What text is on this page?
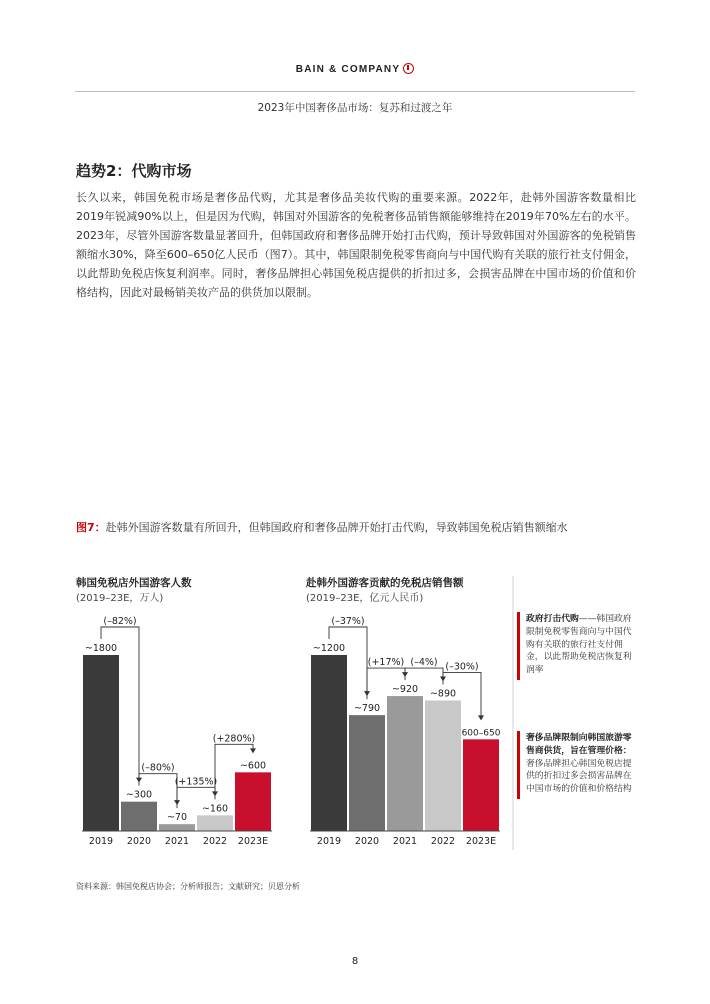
BAIN & COMPANY
2023年中国奢侈品市场：复苏和过渡之年
趋势2：代购市场
长久以来，韩国免税市场是奢侈品代购，尤其是奢侈品美妆代购的重要来源。2022年，赴韩外国游客数量相比2019年锐减90%以上，但是因为代购，韩国对外国游客的免税奢侈品销售额能够维持在2019年70%左右的水平。2023年，尽管外国游客数量显著回升，但韩国政府和奢侈品牌开始打击代购，预计导致韩国对外国游客的免税销售额缩水30%，降至600–650亿人民币（图7）。其中，韩国限制免税零售商向与中国代购有关联的旅行社支付佣金，以此帮助免税店恢复利润率。同时，奢侈品牌担心韩国免税店提供的折扣过多，会损害品牌在中国市场的价值和价格结构，因此对最畅销美妆产品的供货加以限制。
图7：赴韩外国游客数量有所回升，但韩国政府和奢侈品牌开始打击代购，导致韩国免税店销售额缩水
韩国免税店外国游客人数
(2019–23E，万人)
赴韩外国游客贡献的免税店销售额
(2019–23E，亿元人民币)
~1800
2019
~300
2020
~70
2021
~160
2022
~600
2023E
(–82%)
(–80%)
(+135%)
(+280%)
~1200
2019
~790
2020
~920
2021
~890
2022
600–650
2023E
(–37%)
(+17%) (–4%) (–30%)
政府打击代购——韩国政府限制免税零售商向与中国代购有关联的旅行社支付佣金，以此帮助免税店恢复利润率
奢侈品牌限制向韩国旅游零售商供货，旨在管理价格：奢侈品牌担心韩国免税店提供的折扣过多会损害品牌在中国市场的价值和价格结构
资料来源：韩国免税店协会；分析师报告；文献研究；贝恩分析
8
